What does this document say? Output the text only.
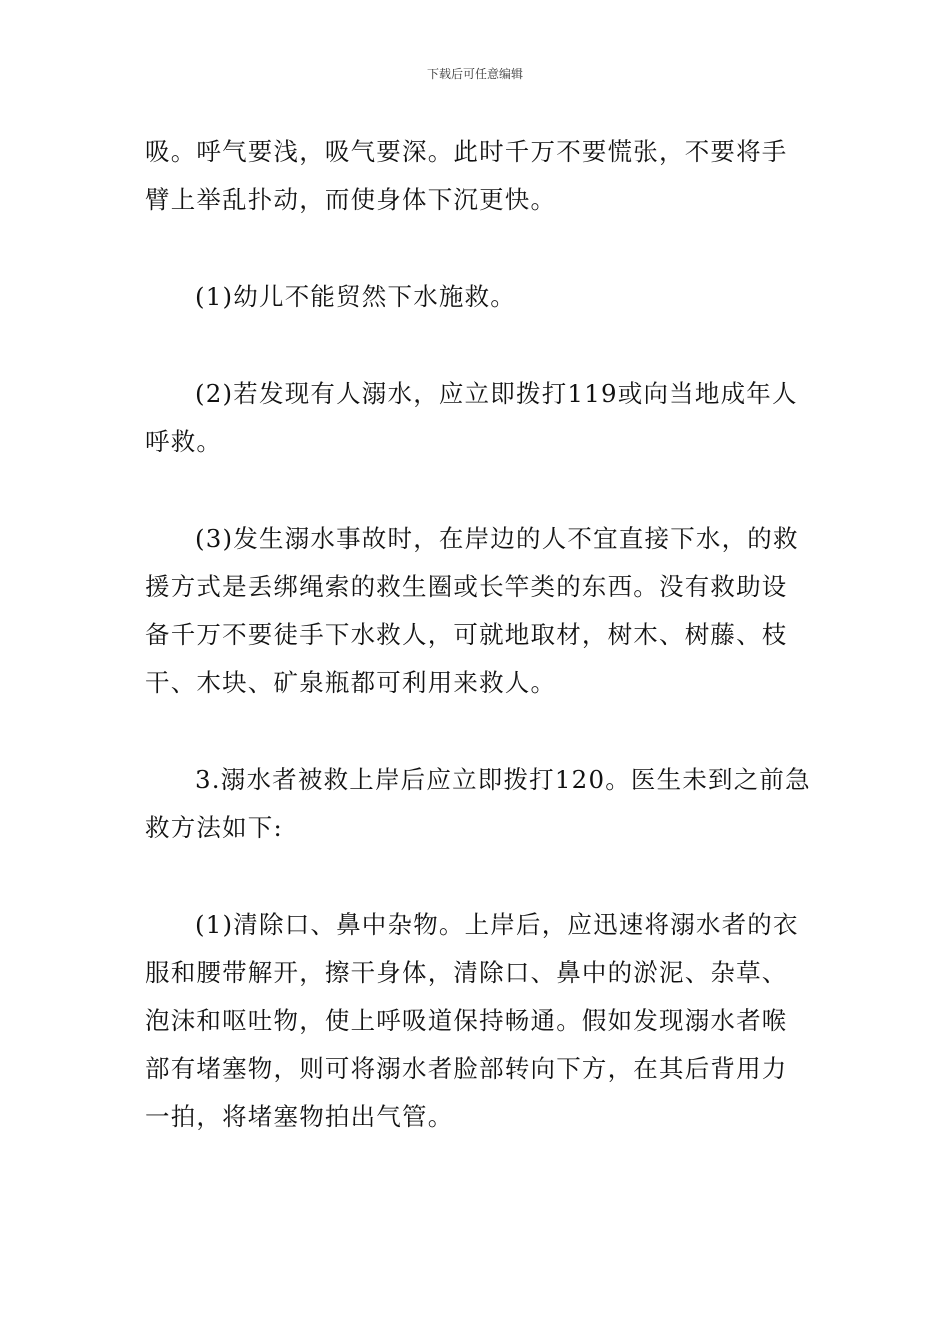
下载后可任意编辑

吸。呼气要浅，吸气要深。此时千万不要慌张，不要将手臂上举乱扑动，而使身体下沉更快。

(1)幼儿不能贸然下水施救。

(2)若发现有人溺水，应立即拨打119或向当地成年人呼救。

(3)发生溺水事故时，在岸边的人不宜直接下水，的救援方式是丢绑绳索的救生圈或长竿类的东西。没有救助设备千万不要徒手下水救人，可就地取材，树木、树藤、枝干、木块、矿泉瓶都可利用来救人。

3.溺水者被救上岸后应立即拨打120。医生未到之前急救方法如下:

(1)清除口、鼻中杂物。上岸后，应迅速将溺水者的衣服和腰带解开，擦干身体，清除口、鼻中的淤泥、杂草、泡沫和呕吐物，使上呼吸道保持畅通。假如发现溺水者喉部有堵塞物，则可将溺水者脸部转向下方，在其后背用力一拍，将堵塞物拍出气管。
